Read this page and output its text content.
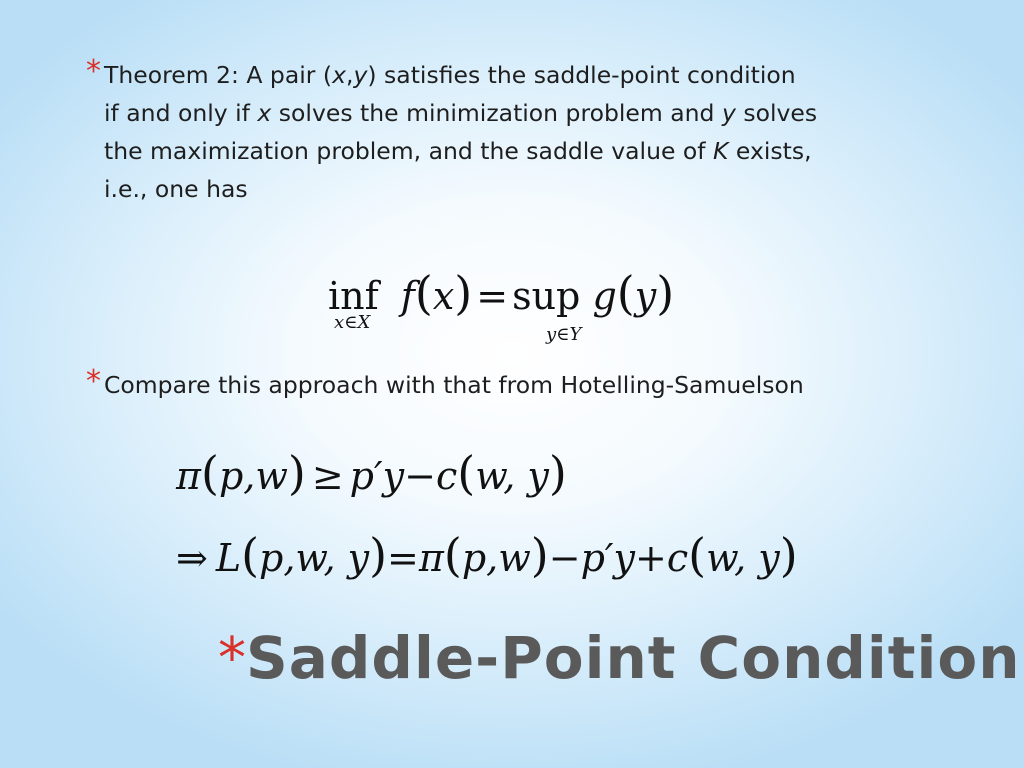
* Theorem 2: A pair (x,y) satisfies the saddle-point condition
if and only if x solves the minimization problem and y solves
the maximization problem, and the saddle value of K exists,
i.e., one has
inf f(x) = sup g(y)
x∈X
y∈Y
* Compare this approach with that from Hotelling-Samuelson
π(p,w) ≥ p′y−c(w, y)
⇒ L(p,w, y)=π(p,w)−p′y+c(w, y)
*Saddle-Point Condition
